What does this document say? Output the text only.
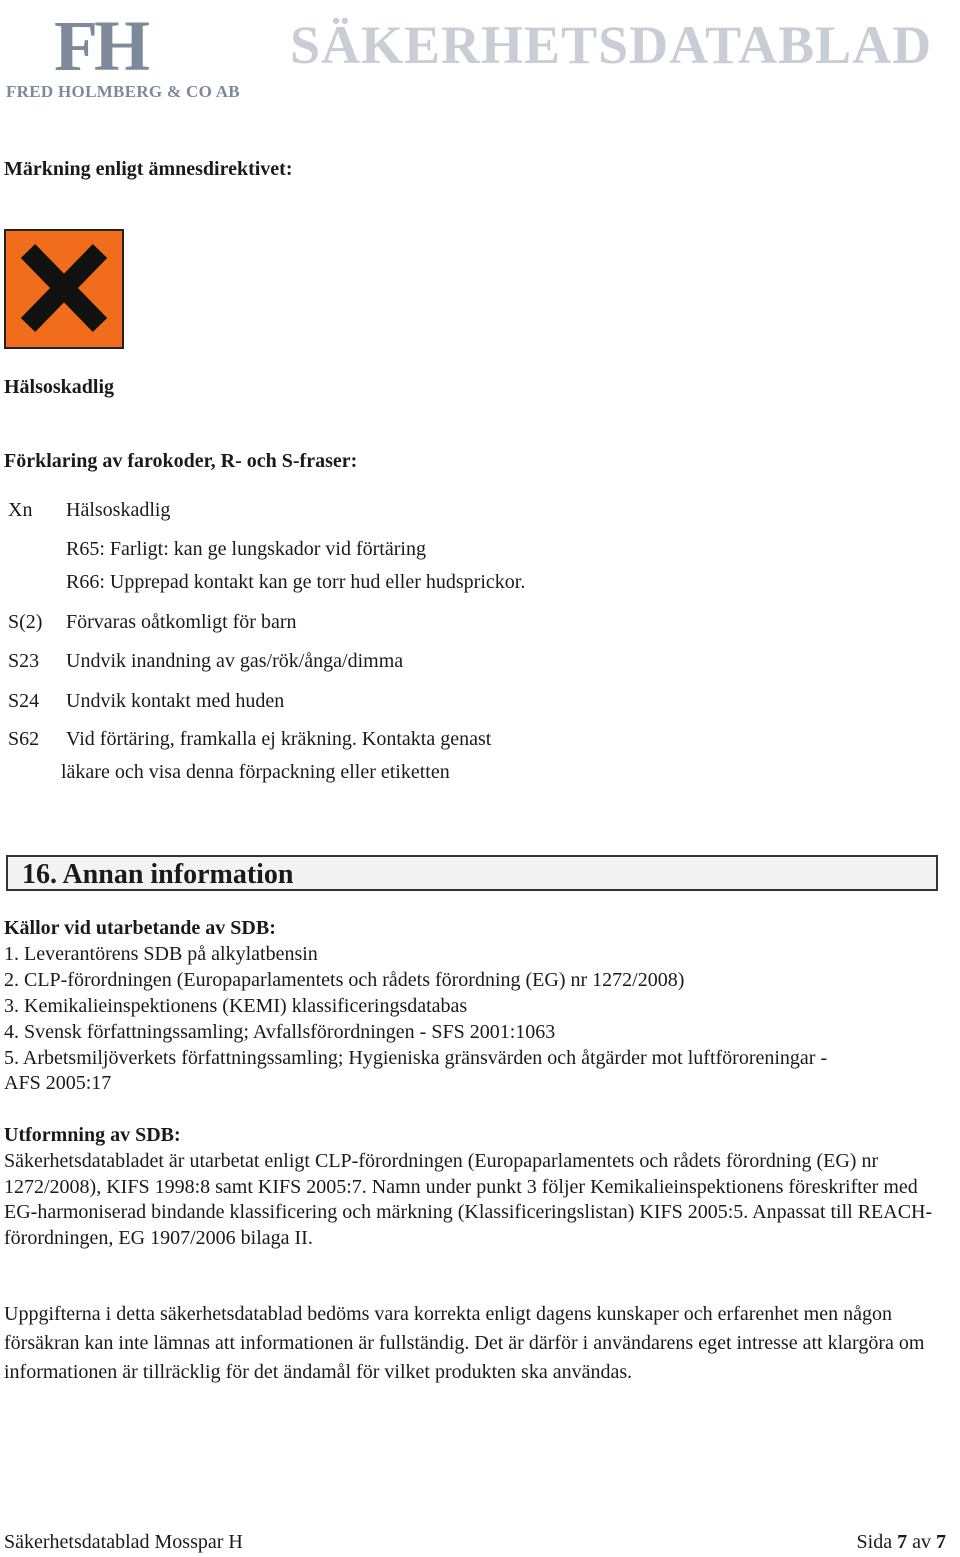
FH
FRED HOLMBERG & CO AB
SÄKERHETSDATABLAD
Märkning enligt ämnesdirektivet:
Hälsoskadlig
Förklaring av farokoder, R- och S-fraser:
Xn Hälsoskadlig
R65: Farligt: kan ge lungskador vid förtäring
R66: Upprepad kontakt kan ge torr hud eller hudsprickor.
S(2) Förvaras oåtkomligt för barn
S23 Undvik inandning av gas/rök/ånga/dimma
S24 Undvik kontakt med huden
S62 Vid förtäring, framkalla ej kräkning. Kontakta genast
läkare och visa denna förpackning eller etiketten
16. Annan information
Källor vid utarbetande av SDB:
1. Leverantörens SDB på alkylatbensin
2. CLP-förordningen (Europaparlamentets och rådets förordning (EG) nr 1272/2008)
3. Kemikalieinspektionens (KEMI) klassificeringsdatabas
4. Svensk författningssamling; Avfallsförordningen - SFS 2001:1063
5. Arbetsmiljöverkets författningssamling; Hygieniska gränsvärden och åtgärder mot luftföroreningar -
AFS 2005:17
Utformning av SDB:
Säkerhetsdatabladet är utarbetat enligt CLP-förordningen (Europaparlamentets och rådets förordning (EG) nr 1272/2008), KIFS 1998:8 samt KIFS 2005:7. Namn under punkt 3 följer Kemikalieinspektionens föreskrifter med EG-harmoniserad bindande klassificering och märkning (Klassificeringslistan) KIFS 2005:5. Anpassat till REACH-förordningen, EG 1907/2006 bilaga II.
Uppgifterna i detta säkerhetsdatablad bedöms vara korrekta enligt dagens kunskaper och erfarenhet men någon försäkran kan inte lämnas att informationen är fullständig. Det är därför i användarens eget intresse att klargöra om informationen är tillräcklig för det ändamål för vilket produkten ska användas.
Säkerhetsdatablad Mosspar H	Sida 7 av 7
